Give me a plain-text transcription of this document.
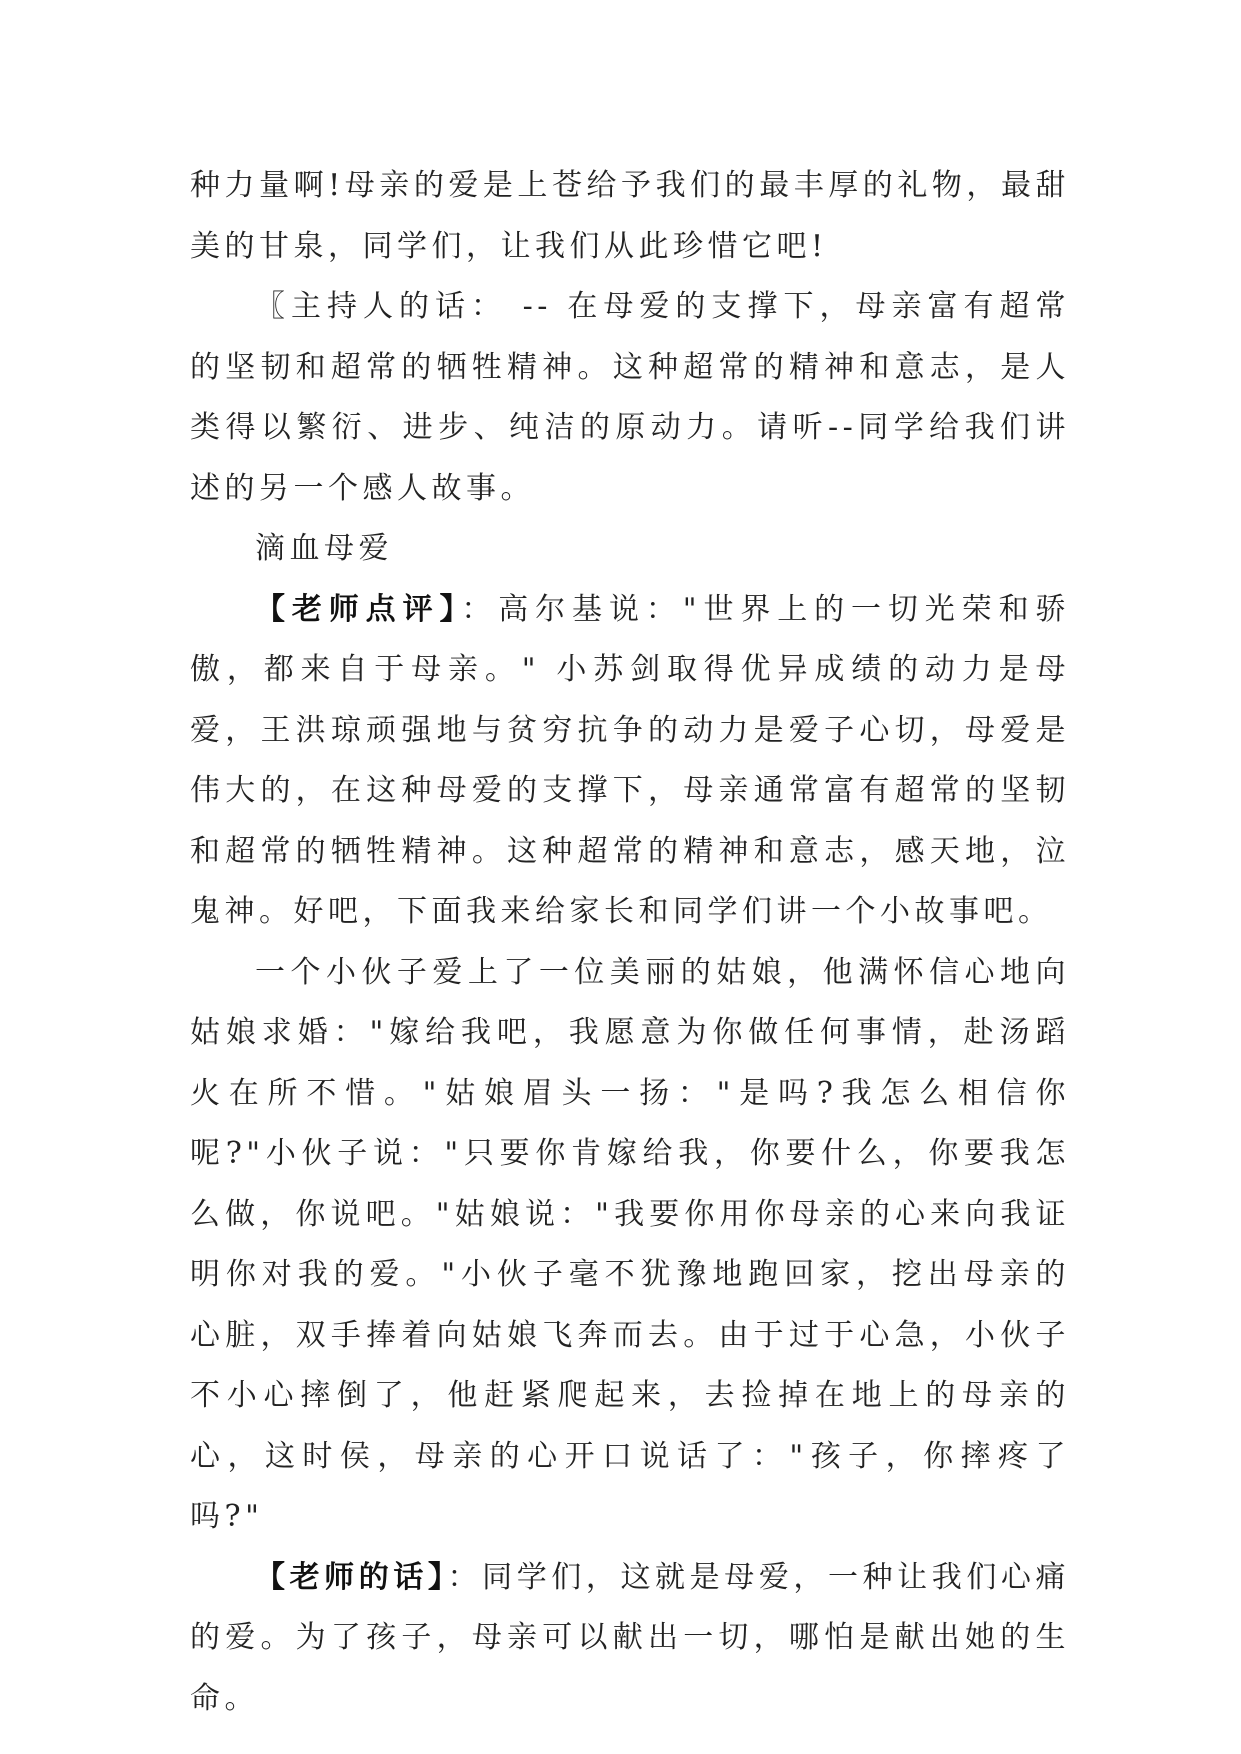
种力量啊!母亲的爱是上苍给予我们的最丰厚的礼物，最甜美的甘泉，同学们，让我们从此珍惜它吧!

〖主持人的话： -- 在母爱的支撑下，母亲富有超常的坚韧和超常的牺牲精神。这种超常的精神和意志，是人类得以繁衍、进步、纯洁的原动力。请听--同学给我们讲述的另一个感人故事。

滴血母爱

【老师点评】：高尔基说："世界上的一切光荣和骄傲，都来自于母亲。" 小苏剑取得优异成绩的动力是母爱，王洪琼顽强地与贫穷抗争的动力是爱子心切，母爱是伟大的，在这种母爱的支撑下，母亲通常富有超常的坚韧和超常的牺牲精神。这种超常的精神和意志，感天地，泣鬼神。好吧，下面我来给家长和同学们讲一个小故事吧。

一个小伙子爱上了一位美丽的姑娘，他满怀信心地向姑娘求婚："嫁给我吧，我愿意为你做任何事情，赴汤蹈火在所不惜。"姑娘眉头一扬："是吗?我怎么相信你呢?"小伙子说："只要你肯嫁给我，你要什么，你要我怎么做，你说吧。"姑娘说："我要你用你母亲的心来向我证明你对我的爱。"小伙子毫不犹豫地跑回家，挖出母亲的心脏，双手捧着向姑娘飞奔而去。由于过于心急，小伙子不小心摔倒了，他赶紧爬起来，去捡掉在地上的母亲的心，这时侯，母亲的心开口说话了："孩子，你摔疼了吗?"

【老师的话】：同学们，这就是母爱，一种让我们心痛的爱。为了孩子，母亲可以献出一切，哪怕是献出她的生命。
